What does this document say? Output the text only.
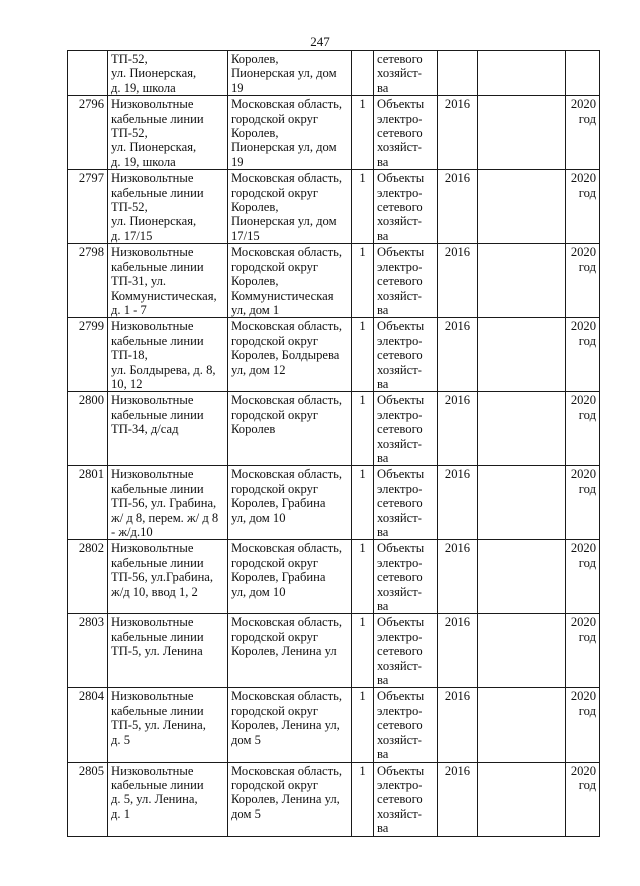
247
	ТП-52,
ул. Пионерская,
д. 19, школа	Королев,
Пионерская ул, дом
19		сетевого
хозяйст-
ва			
2796	Низковольтные
кабельные линии
ТП-52,
ул. Пионерская,
д. 19, школа	Московская область,
городской округ
Королев,
Пионерская ул, дом
19	1	Объекты
электро-
сетевого
хозяйст-
ва	2016		2020
год
2797	Низковольтные
кабельные линии
ТП-52,
ул. Пионерская,
д. 17/15	Московская область,
городской округ
Королев,
Пионерская ул, дом
17/15	1	Объекты
электро-
сетевого
хозяйст-
ва	2016		2020
год
2798	Низковольтные
кабельные линии
ТП-31, ул.
Коммунистическая,
д. 1 - 7	Московская область,
городской округ
Королев,
Коммунистическая
ул, дом 1	1	Объекты
электро-
сетевого
хозяйст-
ва	2016		2020
год
2799	Низковольтные
кабельные линии
ТП-18,
ул. Болдырева, д. 8,
10, 12	Московская область,
городской округ
Королев, Болдырева
ул, дом 12	1	Объекты
электро-
сетевого
хозяйст-
ва	2016		2020
год
2800	Низковольтные
кабельные линии
ТП-34, д/сад	Московская область,
городской округ
Королев	1	Объекты
электро-
сетевого
хозяйст-
ва	2016		2020
год
2801	Низковольтные
кабельные линии
ТП-56, ул. Грабина,
ж/ д 8, перем. ж/ д 8
- ж/д.10	Московская область,
городской округ
Королев, Грабина
ул, дом 10	1	Объекты
электро-
сетевого
хозяйст-
ва	2016		2020
год
2802	Низковольтные
кабельные линии
ТП-56, ул.Грабина,
ж/д 10, ввод 1, 2	Московская область,
городской округ
Королев, Грабина
ул, дом 10	1	Объекты
электро-
сетевого
хозяйст-
ва	2016		2020
год
2803	Низковольтные
кабельные линии
ТП-5, ул. Ленина	Московская область,
городской округ
Королев, Ленина ул	1	Объекты
электро-
сетевого
хозяйст-
ва	2016		2020
год
2804	Низковольтные
кабельные линии
ТП-5, ул. Ленина,
д. 5	Московская область,
городской округ
Королев, Ленина ул,
дом 5	1	Объекты
электро-
сетевого
хозяйст-
ва	2016		2020
год
2805	Низковольтные
кабельные линии
д. 5, ул. Ленина,
д. 1	Московская область,
городской округ
Королев, Ленина ул,
дом 5	1	Объекты
электро-
сетевого
хозяйст-
ва	2016		2020
год
